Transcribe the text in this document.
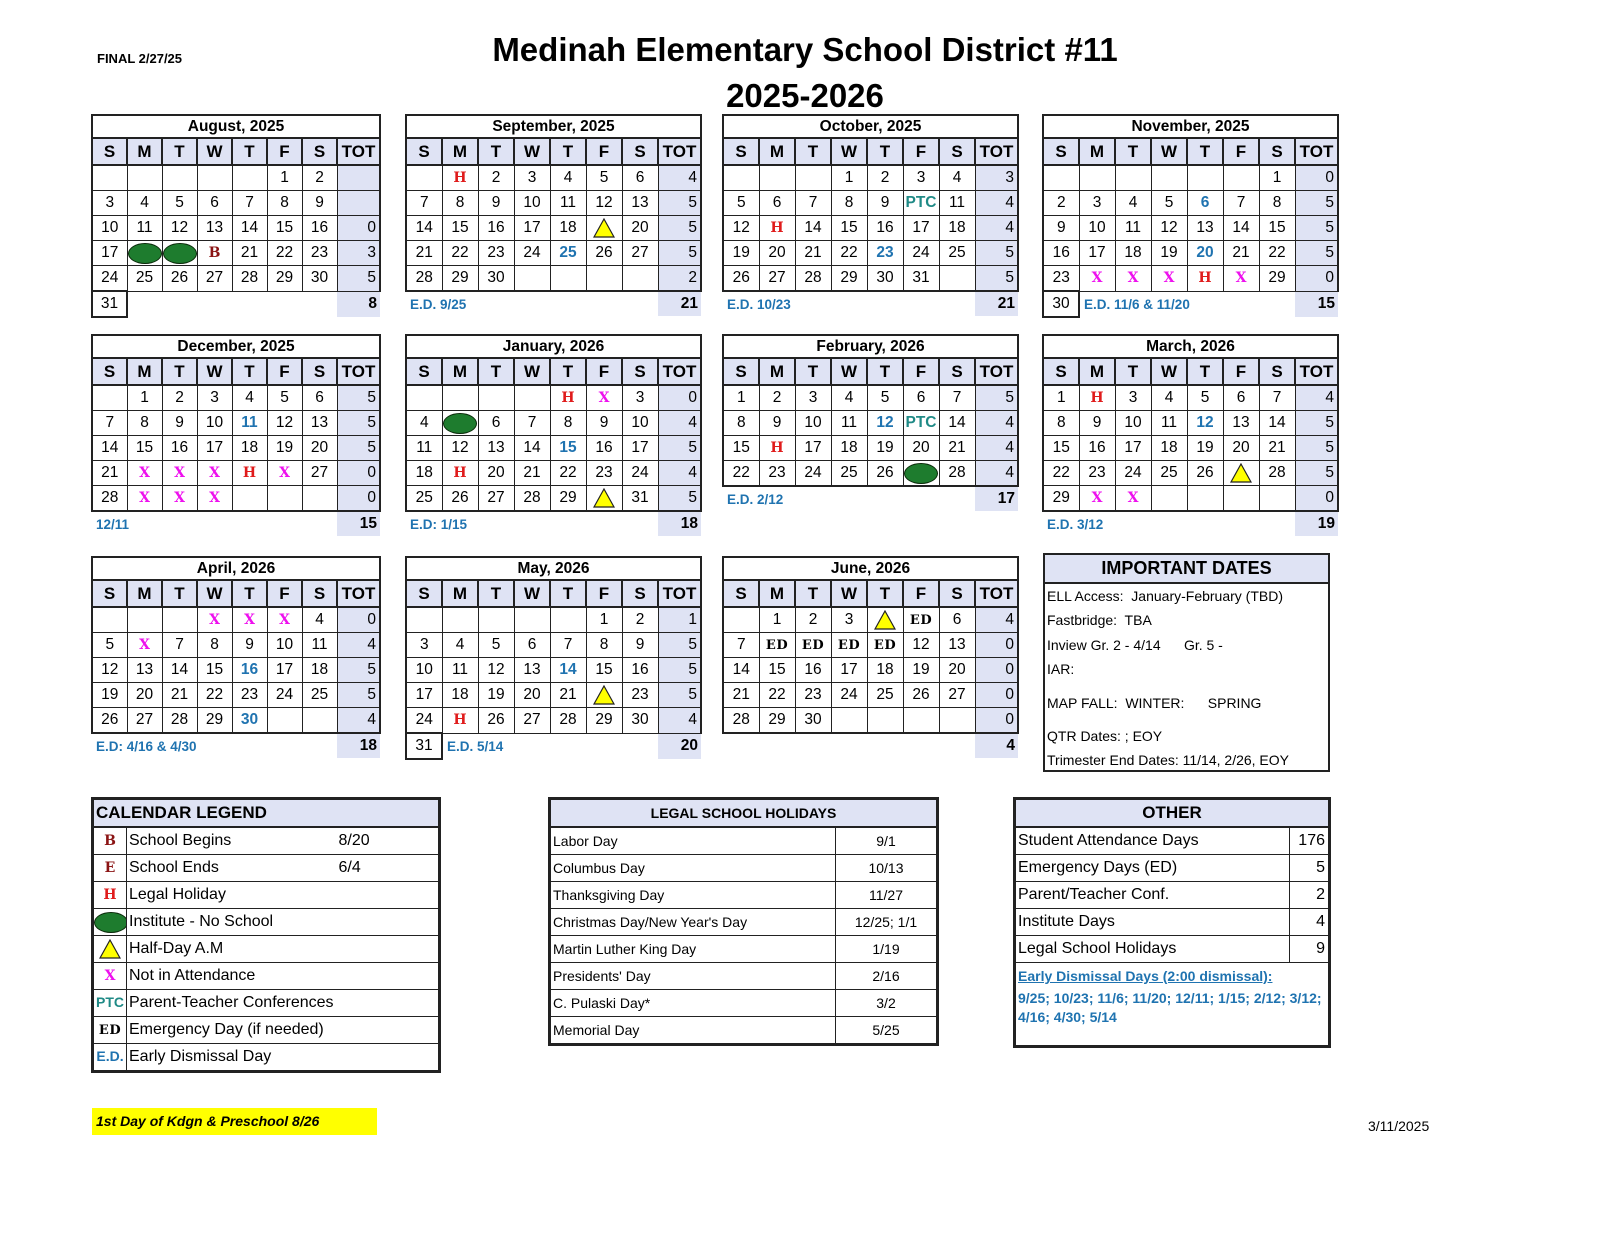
FINAL 2/27/25	Medinah Elementary School District #11
2025-2026
August, 2025							
S	M	T	W	T	F	S	TOT
					1	2	
3	4	5	6	7	8	9	
10	11	12	13	14	15	16	0
17			B	21	22	23	3
24	25	26	27	28	29	30	5
31							8
September, 2025							
S	M	T	W	T	F	S	TOT
	H	2	3	4	5	6	4
7	8	9	10	11	12	13	5
14	15	16	17	18		20	5
21	22	23	24	25	26	27	5
28	29	30					2
E.D. 9/25							21
October, 2025							
S	M	T	W	T	F	S	TOT
			1	2	3	4	3
5	6	7	8	9	PTC	11	4
12	H	14	15	16	17	18	4
19	20	21	22	23	24	25	5
26	27	28	29	30	31		5
E.D. 10/23							21
November, 2025							
S	M	T	W	T	F	S	TOT
						1	0
2	3	4	5	6	7	8	5
9	10	11	12	13	14	15	5
16	17	18	19	20	21	22	5
23	X	X	X	H	X	29	0
30	E.D. 11/6 & 11/20						15
December, 2025							
S	M	T	W	T	F	S	TOT
	1	2	3	4	5	6	5
7	8	9	10	11	12	13	5
14	15	16	17	18	19	20	5
21	X	X	X	H	X	27	0
28	X	X	X				0
12/11							15
January, 2026							
S	M	T	W	T	F	S	TOT
				H	X	3	0
4		6	7	8	9	10	4
11	12	13	14	15	16	17	5
18	H	20	21	22	23	24	4
25	26	27	28	29		31	5
E.D: 1/15							18
February, 2026							
S	M	T	W	T	F	S	TOT
1	2	3	4	5	6	7	5
8	9	10	11	12	PTC	14	4
15	H	17	18	19	20	21	4
22	23	24	25	26		28	4
E.D. 2/12							17
March, 2026							
S	M	T	W	T	F	S	TOT
1	H	3	4	5	6	7	4
8	9	10	11	12	13	14	5
15	16	17	18	19	20	21	5
22	23	24	25	26		28	5
29	X	X					0
E.D. 3/12							19
April, 2026							
S	M	T	W	T	F	S	TOT
			X	X	X	4	0
5	X	7	8	9	10	11	4
12	13	14	15	16	17	18	5
19	20	21	22	23	24	25	5
26	27	28	29	30			4
E.D: 4/16 & 4/30							18
May, 2026							
S	M	T	W	T	F	S	TOT
					1	2	1
3	4	5	6	7	8	9	5
10	11	12	13	14	15	16	5
17	18	19	20	21		23	5
24	H	26	27	28	29	30	4
31	E.D. 5/14						20
June, 2026							
S	M	T	W	T	F	S	TOT
	1	2	3		ED	6	4
7	ED	ED	ED	ED	12	13	0
14	15	16	17	18	19	20	0
21	22	23	24	25	26	27	0
28	29	30					0
							4
IMPORTANT DATES
ELL Access:  January-February (TBD)
Fastbridge:  TBA
Inview Gr. 2 - 4/14      Gr. 5 -
IAR:
MAP FALL:  WINTER:      SPRING
QTR Dates: ; EOY
Trimester End Dates: 11/14, 2/26, EOY
CALENDAR LEGEND		
B	School Begins	8/20
E	School Ends	6/4
H	Legal Holiday	
	Institute - No School	
	Half-Day A.M	
X	Not in Attendance	
PTC	Parent-Teacher Conferences	
ED	Emergency Day (if needed)	
E.D.	Early Dismissal Day	
LEGAL SCHOOL HOLIDAYS	
Labor Day	9/1
Columbus Day	10/13
Thanksgiving Day	11/27
Christmas Day/New Year's Day	12/25; 1/1
Martin Luther King Day	1/19
Presidents' Day	2/16
C. Pulaski Day*	3/2
Memorial Day	5/25
OTHER	
Student Attendance Days	176
Emergency Days (ED)	5
Parent/Teacher Conf.	2
Institute Days	4
Legal School Holidays	9
Early Dismissal Days (2:00 dismissal):	
9/25; 10/23; 11/6; 11/20; 12/11; 1/15; 2/12; 3/12; 4/16; 4/30; 5/14	
1st Day of Kdgn & Preschool 8/26	3/11/2025
